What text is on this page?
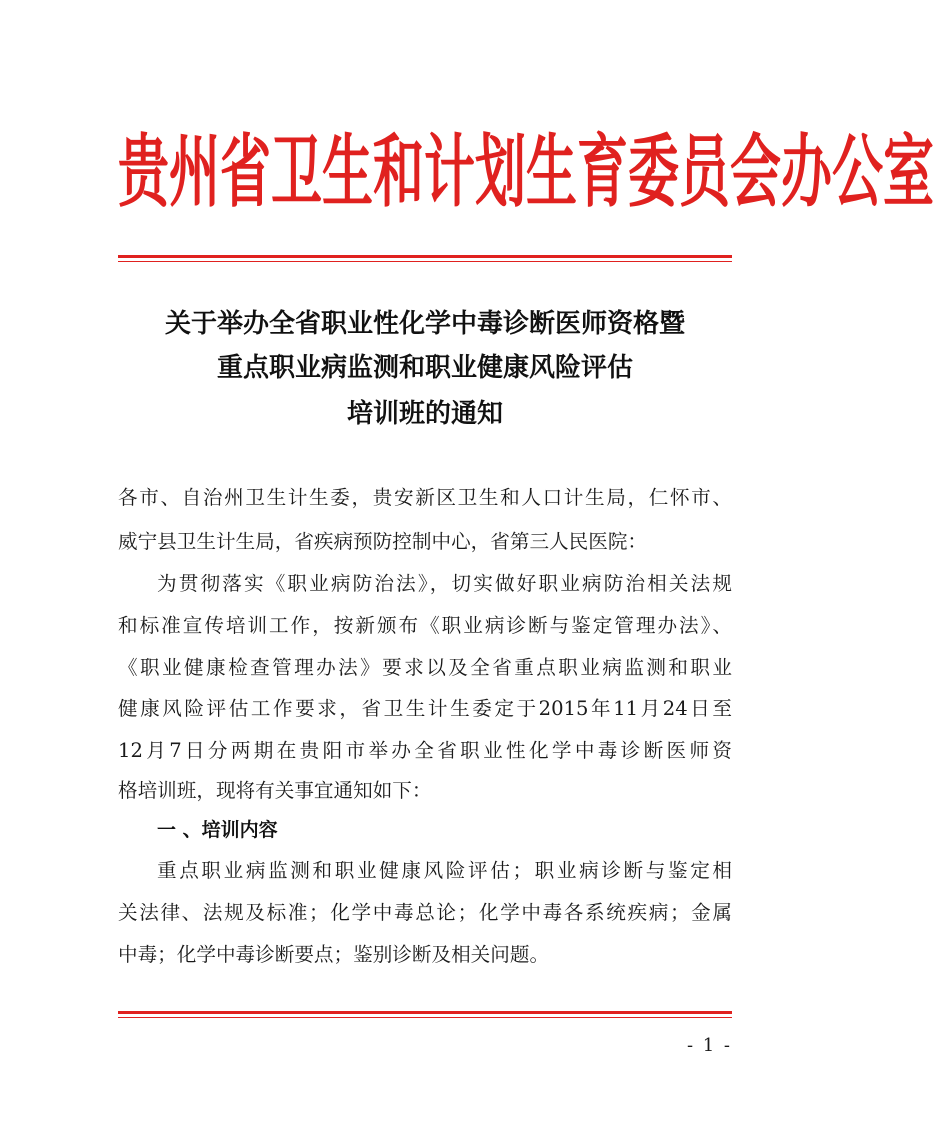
贵州省卫生和计划生育委员会办公室
关于举办全省职业性化学中毒诊断医师资格暨
重点职业病监测和职业健康风险评估
培训班的通知

各市、自治州卫生计生委，贵安新区卫生和人口计生局，仁怀市、

威宁县卫生计生局，省疾病预防控制中心，省第三人民医院：

为贯彻落实《职业病防治法》，切实做好职业病防治相关法规

和标准宣传培训工作，按新颁布《职业病诊断与鉴定管理办法》、

《职业健康检查管理办法》要求以及全省重点职业病监测和职业

健康风险评估工作要求，省卫生计生委定于2015年11月24日至

12月7日分两期在贵阳市举办全省职业性化学中毒诊断医师资

格培训班，现将有关事宜通知如下：

一 、培训内容

重点职业病监测和职业健康风险评估；职业病诊断与鉴定相

关法律、法规及标准；化学中毒总论；化学中毒各系统疾病；金属

中毒；化学中毒诊断要点；鉴别诊断及相关问题。

- 1 -
